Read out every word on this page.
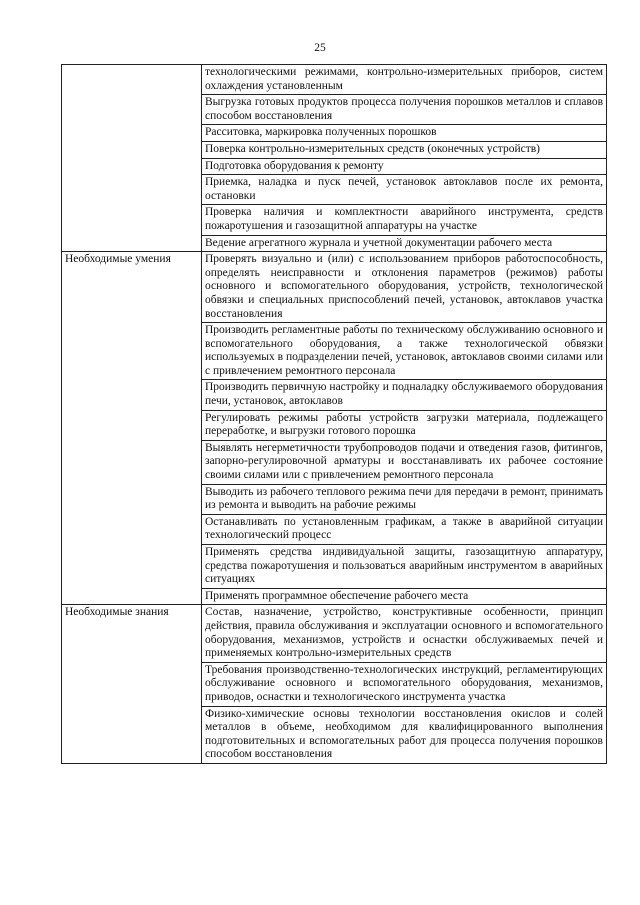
25
	технологическими режимами, контрольно-измерительных приборов, систем охлаждения установленным
	Выгрузка готовых продуктов процесса получения порошков металлов и сплавов способом восстановления
	Расситовка, маркировка полученных порошков
	Поверка контрольно-измерительных средств (оконечных устройств)
	Подготовка оборудования к ремонту
	Приемка, наладка и пуск печей, установок автоклавов после их ремонта, остановки
	Проверка наличия и комплектности аварийного инструмента, средств пожаротушения и газозащитной аппаратуры на участке
	Ведение агрегатного журнала и учетной документации рабочего места
Необходимые умения	Проверять визуально и (или) с использованием приборов работоспособность, определять неисправности и отклонения параметров (режимов) работы основного и вспомогательного оборудования, устройств, технологической обвязки и специальных приспособлений печей, установок, автоклавов участка восстановления
	Производить регламентные работы по техническому обслуживанию основного и вспомогательного оборудования, а также технологической обвязки используемых в подразделении печей, установок, автоклавов своими силами или с привлечением ремонтного персонала
	Производить первичную настройку и подналадку обслуживаемого оборудования печи, установок, автоклавов
	Регулировать режимы работы устройств загрузки материала, подлежащего переработке, и выгрузки готового порошка
	Выявлять негерметичности трубопроводов подачи и отведения газов, фитингов, запорно-регулировочной арматуры и восстанавливать их рабочее состояние своими силами или с привлечением ремонтного персонала
	Выводить из рабочего теплового режима печи для передачи в ремонт, принимать из ремонта и выводить на рабочие режимы
	Останавливать по установленным графикам, а также в аварийной ситуации технологический процесс
	Применять средства индивидуальной защиты, газозащитную аппаратуру, средства пожаротушения и пользоваться аварийным инструментом в аварийных ситуациях
	Применять программное обеспечение рабочего места
Необходимые знания	Состав, назначение, устройство, конструктивные особенности, принцип действия, правила обслуживания и эксплуатации основного и вспомогательного оборудования, механизмов, устройств и оснастки обслуживаемых печей и применяемых контрольно-измерительных средств
	Требования производственно-технологических инструкций, регламентирующих обслуживание основного и вспомогательного оборудования, механизмов, приводов, оснастки и технологического инструмента участка
	Физико-химические основы технологии восстановления окислов и солей металлов в объеме, необходимом для квалифицированного выполнения подготовительных и вспомогательных работ для процесса получения порошков способом восстановления
